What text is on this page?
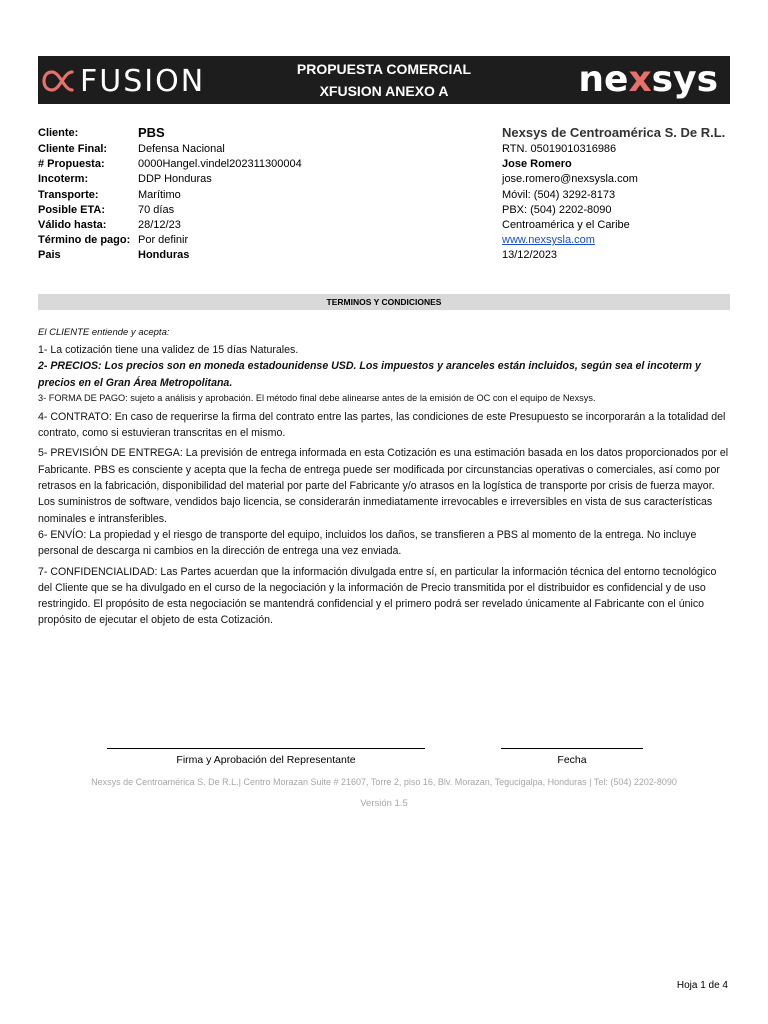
FUSION	PROPUESTA COMERCIAL
XFUSION ANEXO A	nexsys
Cliente:	PBS
Cliente Final:	Defensa Nacional
# Propuesta:	0000Hangel.vindel202311300004
Incoterm:	DDP Honduras
Transporte:	Marítimo
Posible ETA:	70 días
Válido hasta:	28/12/23
Término de pago: Por definir
Pais	Honduras
Nexsys de Centroamérica S. De R.L.
RTN. 05019010316986
Jose Romero
jose.romero@nexsysla.com
Móvil: (504) 3292-8173
PBX: (504) 2202-8090
Centroamérica y el Caribe
www.nexsysla.com
13/12/2023
TERMINOS Y CONDICIONES

El CLIENTE entiende y acepta:

1- La cotización tiene una validez de 15 días Naturales.

2- PRECIOS: Los precios son en moneda estadounidense USD. Los impuestos y aranceles están incluidos, según sea el incoterm y precios en el Gran Área Metropolitana.

3- FORMA DE PAGO: sujeto a análisis y aprobación. El método final debe alinearse antes de la emisión de OC con el equipo de Nexsys.

4- CONTRATO: En caso de requerirse la firma del contrato entre las partes, las condiciones de este Presupuesto se incorporarán a la totalidad del contrato, como si estuvieran transcritas en el mismo.

5- PREVISIÓN DE ENTREGA: La previsión de entrega informada en esta Cotización es una estimación basada en los datos proporcionados por el Fabricante. PBS es consciente y acepta que la fecha de entrega puede ser modificada por circunstancias operativas o comerciales, así como por retrasos en la fabricación, disponibilidad del material por parte del Fabricante y/o atrasos en la logística de transporte por crisis de fuerza mayor.

Los suministros de software, vendidos bajo licencia, se considerarán inmediatamente irrevocables e irreversibles en vista de sus características nominales e intransferibles.

6- ENVÍO: La propiedad y el riesgo de transporte del equipo, incluidos los daños, se transfieren a PBS al momento de la entrega. No incluye personal de descarga ni cambios en la dirección de entrega una vez enviada.

7- CONFIDENCIALIDAD: Las Partes acuerdan que la información divulgada entre sí, en particular la información técnica del entorno tecnológico del Cliente que se ha divulgado en el curso de la negociación y la información de Precio transmitida por el distribuidor es confidencial y de uso restringido. El propósito de esta negociación se mantendrá confidencial y el primero podrá ser revelado únicamente al Fabricante con el único propósito de ejecutar el objeto de esta Cotización.

Firma y Aprobación del Representante	Fecha
Nexsys de Centroamérica S. De R.L.| Centro Morazan Suite # 21607, Torre 2, piso 16, Blv. Morazan, Tegucigalpa, Honduras | Tel: (504) 2202-8090
Versión 1.5
Hoja 1 de 4
